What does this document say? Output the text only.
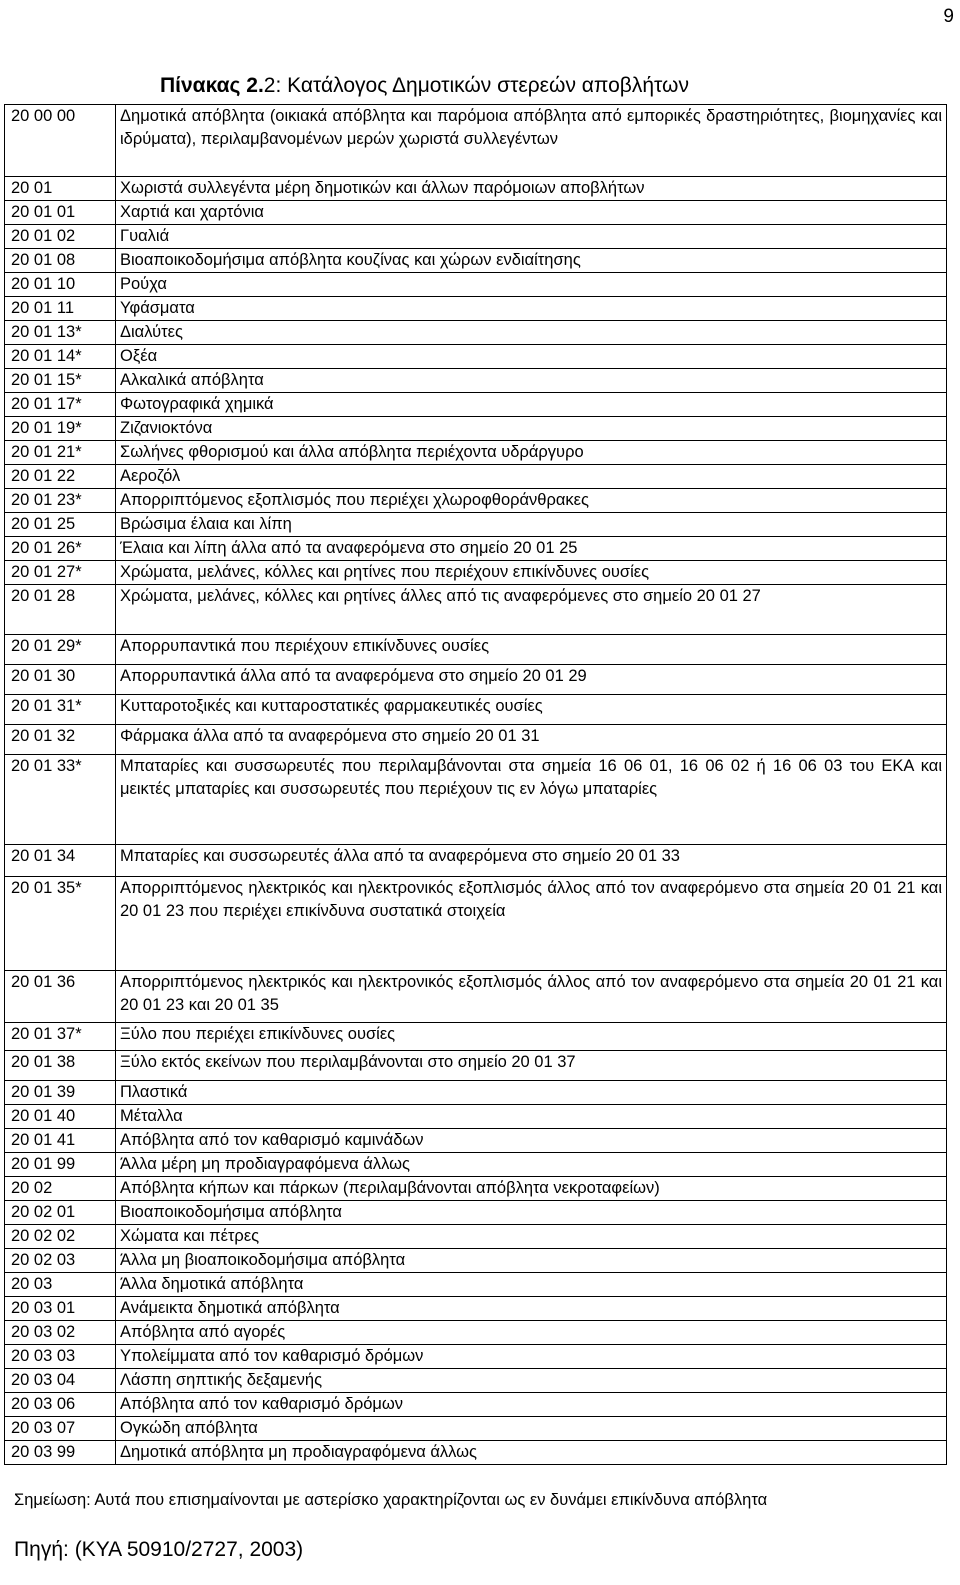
9
Πίνακας 2.2: Κατάλογος Δημοτικών στερεών αποβλήτων
20 00 00	Δημοτικά απόβλητα (οικιακά απόβλητα και παρόμοια απόβλητα από εμπορικές δραστηριότητες, βιομηχανίες και ιδρύματα), περιλαμβανομένων μερών χωριστά συλλεγέντων
20 01	Χωριστά συλλεγέντα μέρη δημοτικών και άλλων παρόμοιων αποβλήτων
20 01 01	Χαρτιά και χαρτόνια
20 01 02	Γυαλιά
20 01 08	Βιοαποικοδομήσιμα απόβλητα κουζίνας και χώρων ενδιαίτησης
20 01 10	Ρούχα
20 01 11	Υφάσματα
20 01 13*	Διαλύτες
20 01 14*	Οξέα
20 01 15*	Αλκαλικά απόβλητα
20 01 17*	Φωτογραφικά χημικά
20 01 19*	Ζιζανιοκτόνα
20 01 21*	Σωλήνες φθορισμού και άλλα απόβλητα περιέχοντα υδράργυρο
20 01 22	Αεροζόλ
20 01 23*	Απορριπτόμενος εξοπλισμός που περιέχει χλωροφθοράνθρακες
20 01 25	Βρώσιμα έλαια και λίπη
20 01 26*	Έλαια και λίπη άλλα από τα αναφερόμενα στο σημείο 20 01 25
20 01 27*	Χρώματα, μελάνες, κόλλες και ρητίνες που περιέχουν επικίνδυνες ουσίες
20 01 28	Χρώματα, μελάνες, κόλλες και ρητίνες άλλες από τις αναφερόμενες στο σημείο 20 01 27
20 01 29*	Απορρυπαντικά που περιέχουν επικίνδυνες ουσίες
20 01 30	Απορρυπαντικά άλλα από τα αναφερόμενα στο σημείο 20 01 29
20 01 31*	Κυτταροτοξικές και κυτταροστατικές φαρμακευτικές ουσίες
20 01 32	Φάρμακα άλλα από τα αναφερόμενα στο σημείο 20 01 31
20 01 33*	Μπαταρίες και συσσωρευτές που περιλαμβάνονται στα σημεία 16 06 01, 16 06 02 ή 16 06 03 του ΕΚΑ και μεικτές μπαταρίες και συσσωρευτές που περιέχουν τις εν λόγω μπαταρίες
20 01 34	Μπαταρίες και συσσωρευτές άλλα από τα αναφερόμενα στο σημείο 20 01 33
20 01 35*	Απορριπτόμενος ηλεκτρικός και ηλεκτρονικός εξοπλισμός άλλος από τον αναφερόμενο στα σημεία 20 01 21 και 20 01 23 που περιέχει επικίνδυνα συστατικά στοιχεία
20 01 36	Απορριπτόμενος ηλεκτρικός και ηλεκτρονικός εξοπλισμός άλλος από τον αναφερόμενο στα σημεία 20 01 21 και 20 01 23 και 20 01 35
20 01 37*	Ξύλο που περιέχει επικίνδυνες ουσίες
20 01 38	Ξύλο εκτός εκείνων που περιλαμβάνονται στο σημείο 20 01 37
20 01 39	Πλαστικά
20 01 40	Μέταλλα
20 01 41	Απόβλητα από τον καθαρισμό καμινάδων
20 01 99	Άλλα μέρη μη προδιαγραφόμενα άλλως
20 02	Απόβλητα κήπων και πάρκων (περιλαμβάνονται απόβλητα νεκροταφείων)
20 02 01	Βιοαποικοδομήσιμα απόβλητα
20 02 02	Χώματα και πέτρες
20 02 03	Άλλα μη βιοαποικοδομήσιμα απόβλητα
20 03	Άλλα δημοτικά απόβλητα
20 03 01	Ανάμεικτα δημοτικά απόβλητα
20 03 02	Απόβλητα από αγορές
20 03 03	Υπολείμματα από τον καθαρισμό δρόμων
20 03 04	Λάσπη σηπτικής δεξαμενής
20 03 06	Απόβλητα από τον καθαρισμό δρόμων
20 03 07	Ογκώδη απόβλητα
20 03 99	Δημοτικά απόβλητα μη προδιαγραφόμενα άλλως
Σημείωση: Αυτά που επισημαίνονται με αστερίσκο χαρακτηρίζονται ως εν δυνάμει επικίνδυνα απόβλητα
Πηγή: (ΚΥΑ 50910/2727, 2003)
